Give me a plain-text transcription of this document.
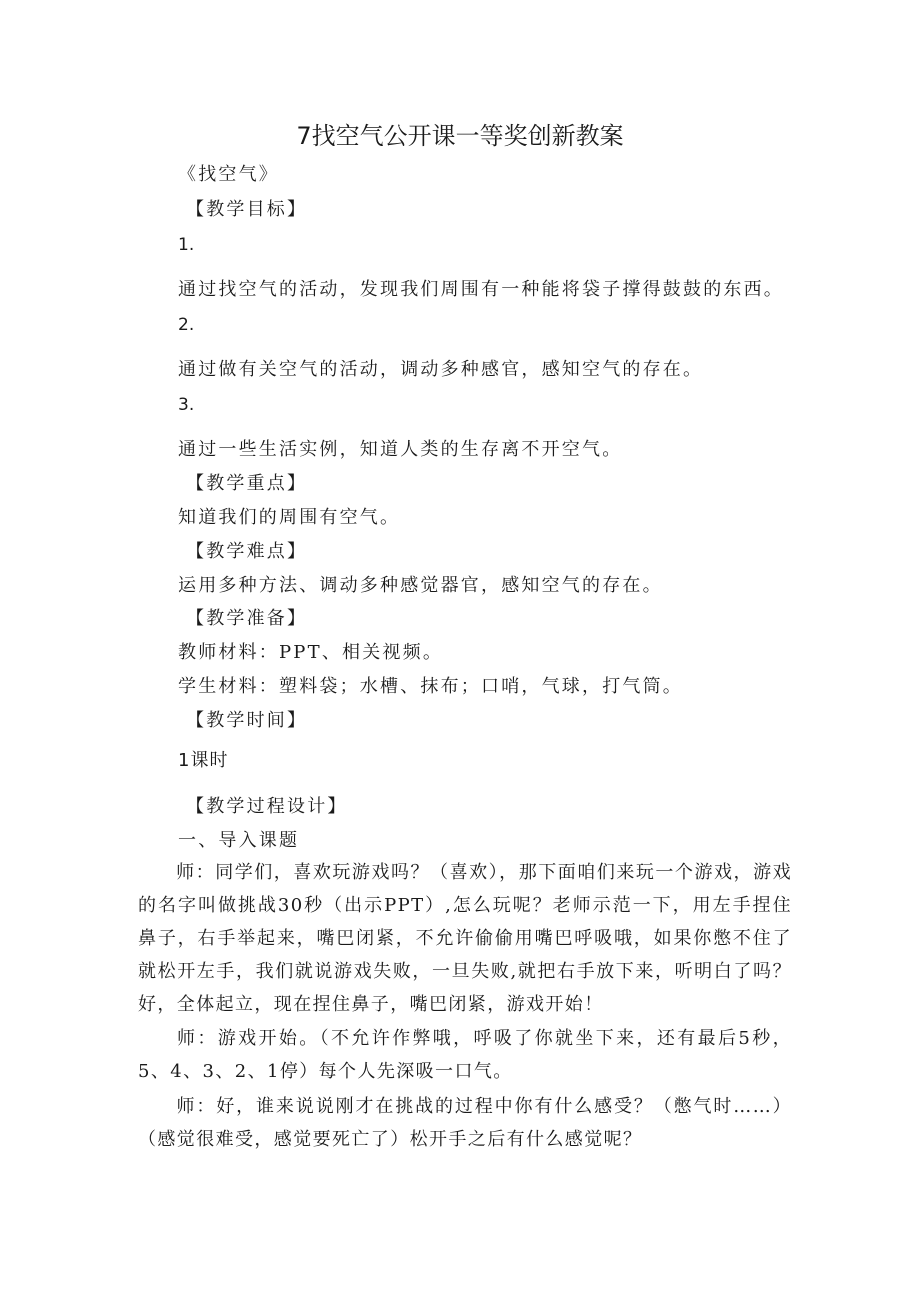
7找空气公开课一等奖创新教案
《找空气》
【教学目标】
1.
通过找空气的活动，发现我们周围有一种能将袋子撑得鼓鼓的东西。
2.
通过做有关空气的活动，调动多种感官，感知空气的存在。
3.
通过一些生活实例，知道人类的生存离不开空气。
【教学重点】
知道我们的周围有空气。
【教学难点】
运用多种方法、调动多种感觉器官，感知空气的存在。
【教学准备】
教师材料：PPT、相关视频。
学生材料：塑料袋；水槽、抹布；口哨，气球，打气筒。
【教学时间】
1课时
【教学过程设计】
一、导入课题
师：同学们，喜欢玩游戏吗？（喜欢），那下面咱们来玩一个游戏，游戏的名字叫做挑战30秒（出示PPT）,怎么玩呢？老师示范一下，用左手捏住鼻子，右手举起来，嘴巴闭紧，不允许偷偷用嘴巴呼吸哦，如果你憋不住了就松开左手，我们就说游戏失败，一旦失败,就把右手放下来，听明白了吗？好，全体起立，现在捏住鼻子，嘴巴闭紧，游戏开始！
师：游戏开始。（不允许作弊哦，呼吸了你就坐下来，还有最后5秒，5、4、3、2、1停）每个人先深吸一口气。
师：好，谁来说说刚才在挑战的过程中你有什么感受？（憋气时……）（感觉很难受，感觉要死亡了）松开手之后有什么感觉呢？
